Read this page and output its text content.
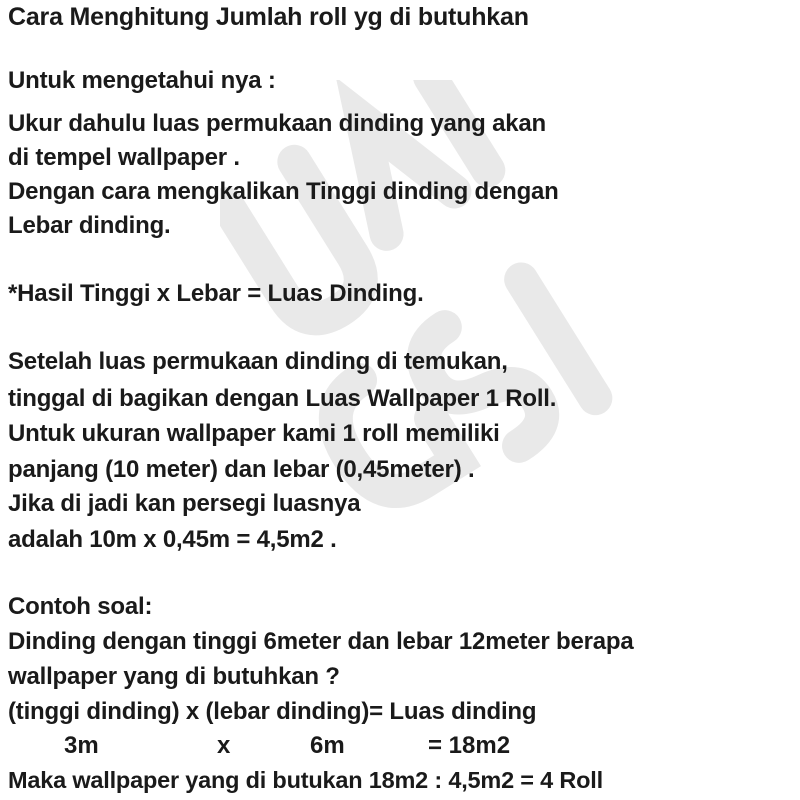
Cara Menghitung Jumlah roll yg di butuhkan
Untuk mengetahui nya :
Ukur dahulu luas permukaan dinding yang akan
di tempel wallpaper .
Dengan cara mengkalikan Tinggi dinding dengan
Lebar dinding.
*Hasil Tinggi x Lebar = Luas Dinding.
Setelah luas permukaan dinding di temukan,
tinggal di bagikan dengan Luas Wallpaper 1 Roll.
Untuk ukuran wallpaper kami 1 roll memiliki
panjang (10 meter) dan lebar (0,45meter) .
Jika di jadi kan persegi luasnya
adalah 10m x 0,45m = 4,5m2 .
Contoh soal:
Dinding dengan tinggi 6meter dan lebar 12meter berapa
wallpaper yang di butuhkan ?
(tinggi dinding) x (lebar dinding)= Luas dinding
3m	x	6m	= 18m2
Maka wallpaper yang di butukan 18m2 : 4,5m2 = 4 Roll
